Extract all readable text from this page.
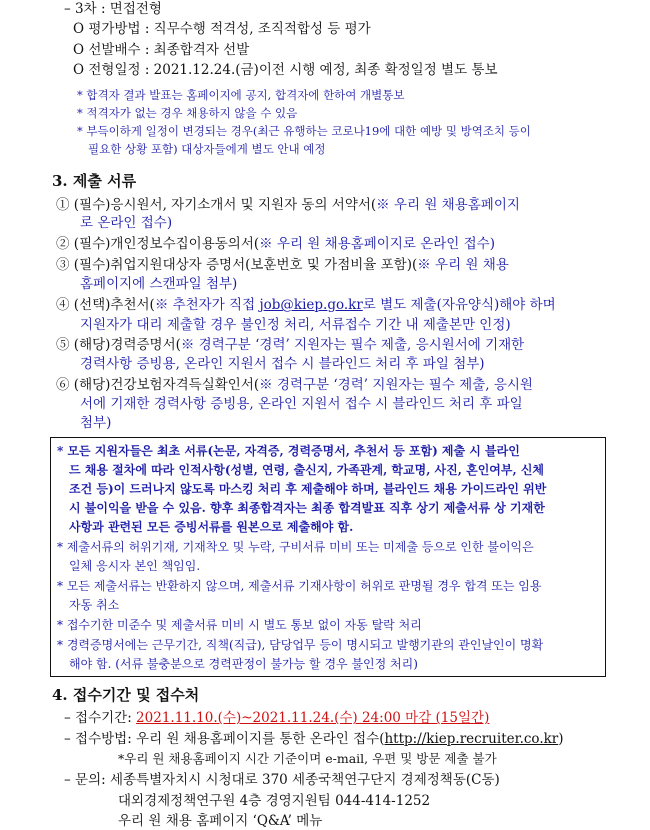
– 3차 : 면접전형
O 평가방법 : 직무수행 적격성, 조직적합성 등 평가
O 선발배수 : 최종합격자 선발
O 전형일정 : 2021.12.24.(금)이전 시행 예정, 최종 확정일정 별도 통보
* 합격자 결과 발표는 홈페이지에 공지, 합격자에 한하여 개별통보
* 적격자가 없는 경우 채용하지 않을 수 있음
* 부득이하게 일정이 변경되는 경우(최근 유행하는 코로나19에 대한 예방 및 방역조치 등이
필요한 상황 포함) 대상자들에게 별도 안내 예정
3. 제출 서류
① (필수)응시원서, 자기소개서 및 지원자 동의 서약서(※ 우리 원 채용홈페이지
로 온라인 접수)
② (필수)개인정보수집이용동의서(※ 우리 원 채용홈페이지로 온라인 접수)
③ (필수)취업지원대상자 증명서(보훈번호 및 가점비율 포함)(※ 우리 원 채용
홈페이지에 스캔파일 첨부)
④ (선택)추천서(※ 추천자가 직접 job@kiep.go.kr로 별도 제출(자유양식)해야 하며
지원자가 대리 제출할 경우 불인정 처리, 서류접수 기간 내 제출본만 인정)
⑤ (해당)경력증명서(※ 경력구분 ‘경력’ 지원자는 필수 제출, 응시원서에 기재한
경력사항 증빙용, 온라인 지원서 접수 시 블라인드 처리 후 파일 첨부)
⑥ (해당)건강보험자격득실확인서(※ 경력구분 ‘경력’ 지원자는 필수 제출, 응시원
서에 기재한 경력사항 증빙용, 온라인 지원서 접수 시 블라인드 처리 후 파일
첨부)
* 모든 지원자들은 최초 서류(논문, 자격증, 경력증명서, 추천서 등 포함) 제출 시 블라인
드 채용 절차에 따라 인적사항(성별, 연령, 출신지, 가족관계, 학교명, 사진, 혼인여부, 신체
조건 등)이 드러나지 않도록 마스킹 처리 후 제출해야 하며, 블라인드 채용 가이드라인 위반
시 불이익을 받을 수 있음. 향후 최종합격자는 최종 합격발표 직후 상기 제출서류 상 기재한
사항과 관련된 모든 증빙서류를 원본으로 제출해야 함.
* 제출서류의 허위기재, 기재착오 및 누락, 구비서류 미비 또는 미제출 등으로 인한 불이익은
일체 응시자 본인 책임임.
* 모든 제출서류는 반환하지 않으며, 제출서류 기재사항이 허위로 판명될 경우 합격 또는 임용
자동 취소
* 접수기한 미준수 및 제출서류 미비 시 별도 통보 없이 자동 탈락 처리
* 경력증명서에는 근무기간, 직책(직급), 담당업무 등이 명시되고 발행기관의 관인날인이 명확
해야 함. (서류 불충분으로 경력판정이 불가능 할 경우 불인정 처리)
4. 접수기간 및 접수처
– 접수기간: 2021.11.10.(수)~2021.11.24.(수) 24:00 마감 (15일간)
– 접수방법: 우리 원 채용홈페이지를 통한 온라인 접수(http://kiep.recruiter.co.kr)
*우리 원 채용홈페이지 시간 기준이며 e-mail, 우편 및 방문 제출 불가
– 문의: 세종특별자치시 시청대로 370 세종국책연구단지 경제정책동(C동)
대외경제정책연구원 4층 경영지원팀 044-414-1252
우리 원 채용 홈페이지 ‘Q&A’ 메뉴
